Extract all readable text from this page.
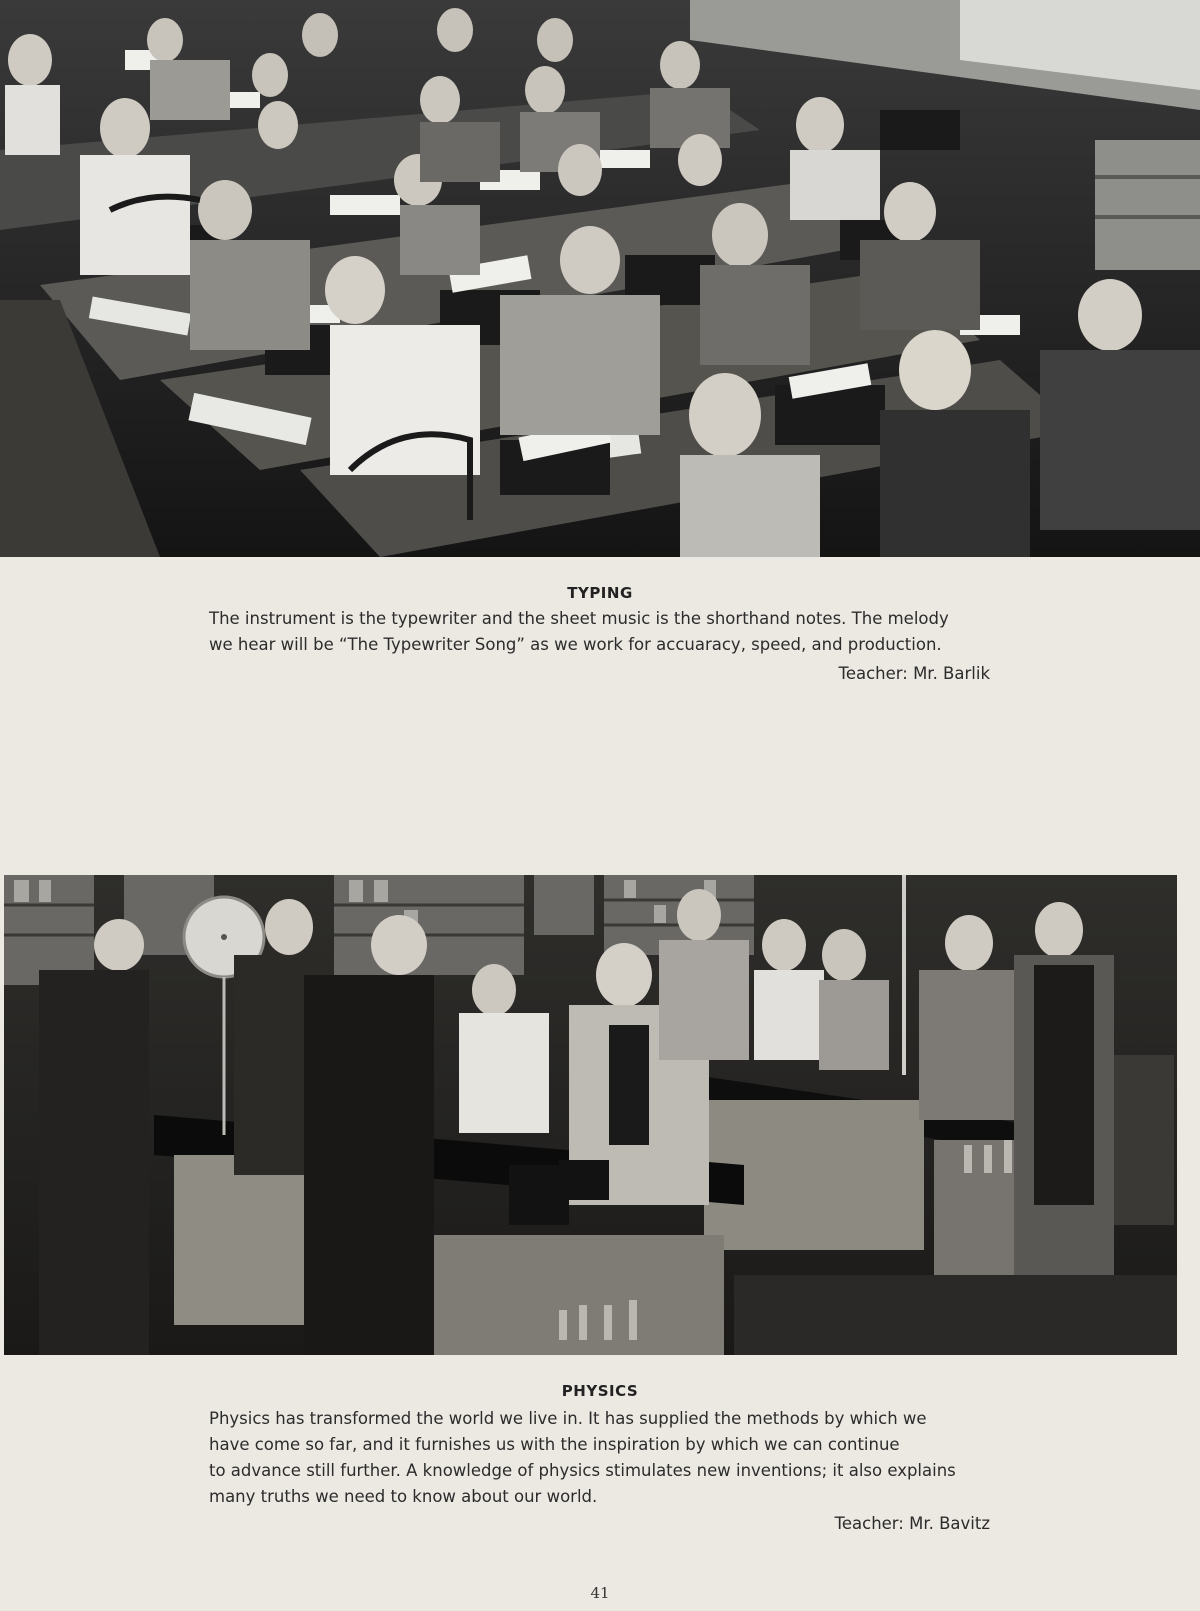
TYPING
The instrument is the typewriter and the sheet music is the shorthand notes. The melody
we hear will be “The Typewriter Song” as we work for accuaracy, speed, and production.
Teacher: Mr. Barlik
PHYSICS
Physics has transformed the world we live in. It has supplied the methods by which we
have come so far, and it furnishes us with the inspiration by which we can continue
to advance still further. A knowledge of physics stimulates new inventions; it also explains
many truths we need to know about our world.
Teacher: Mr. Bavitz
41
